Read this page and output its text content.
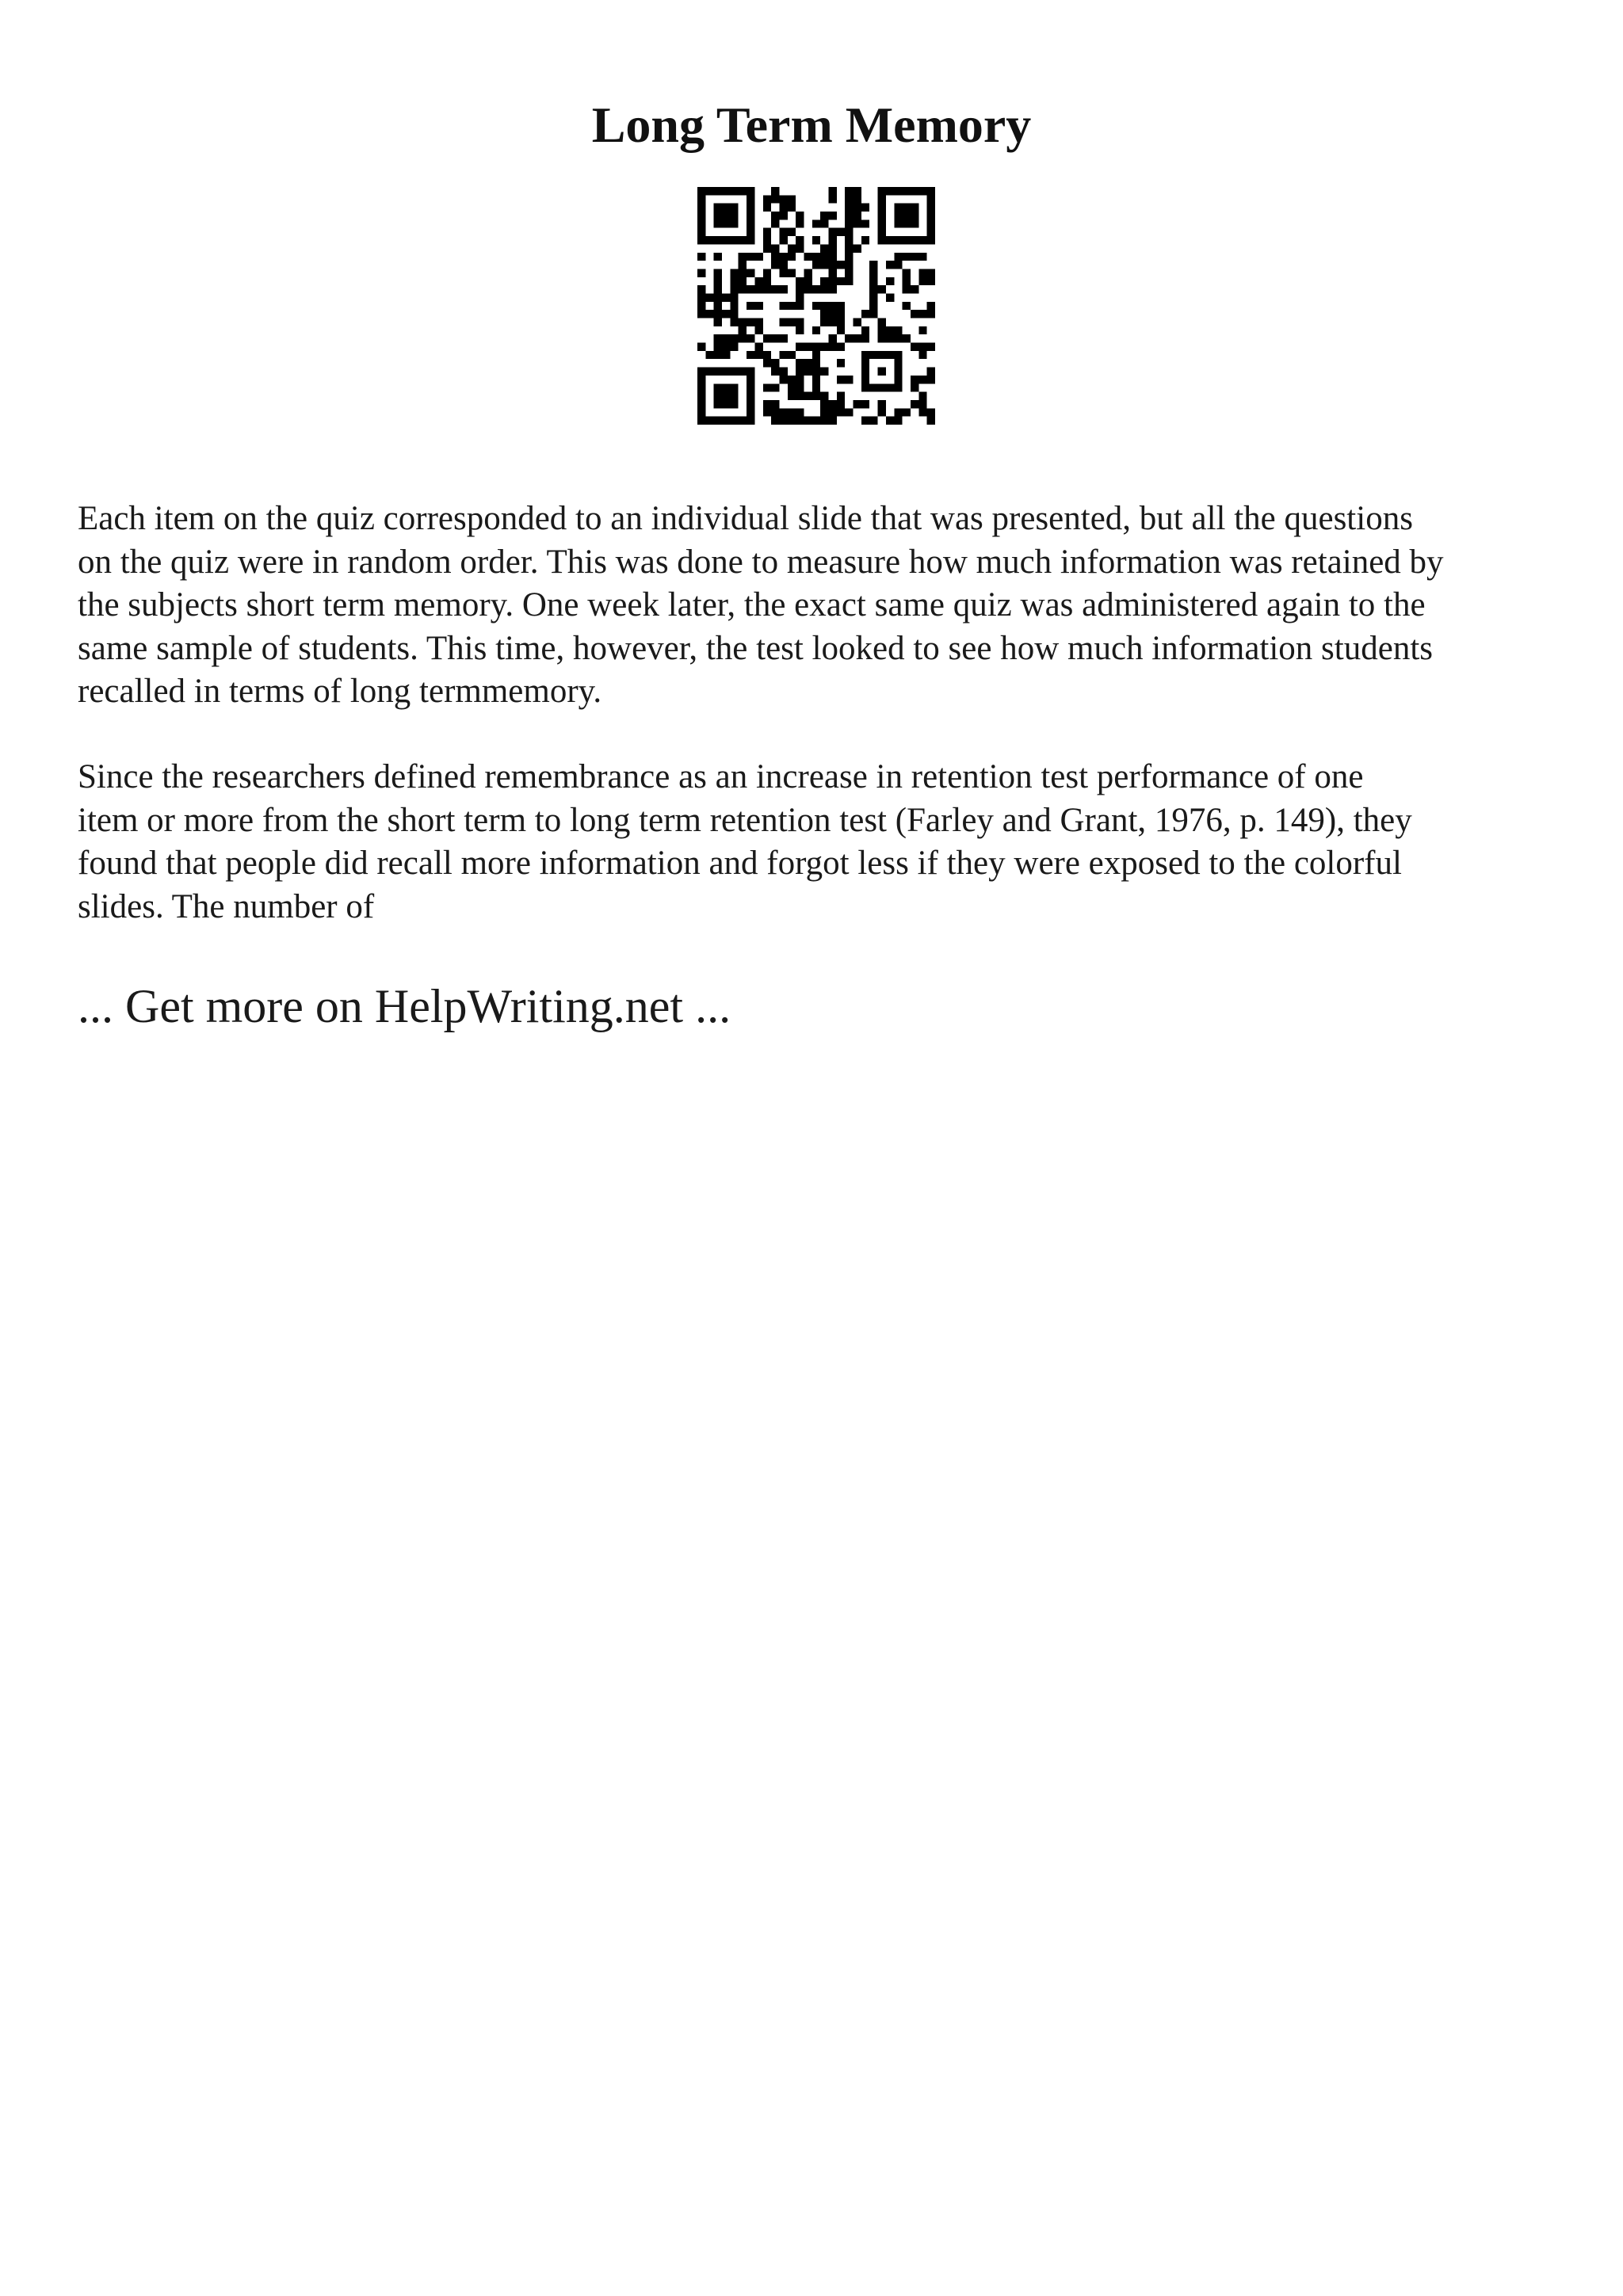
Long Term Memory

Each item on the quiz corresponded to an individual slide that was presented, but all the questions
on the quiz were in random order. This was done to measure how much information was retained by
the subjects short term memory. One week later, the exact same quiz was administered again to the
same sample of students. This time, however, the test looked to see how much information students
recalled in terms of long termmemory.

Since the researchers defined remembrance as an increase in retention test performance of one
item or more from the short term to long term retention test (Farley and Grant, 1976, p. 149), they
found that people did recall more information and forgot less if they were exposed to the colorful
slides. The number of

... Get more on HelpWriting.net ...
